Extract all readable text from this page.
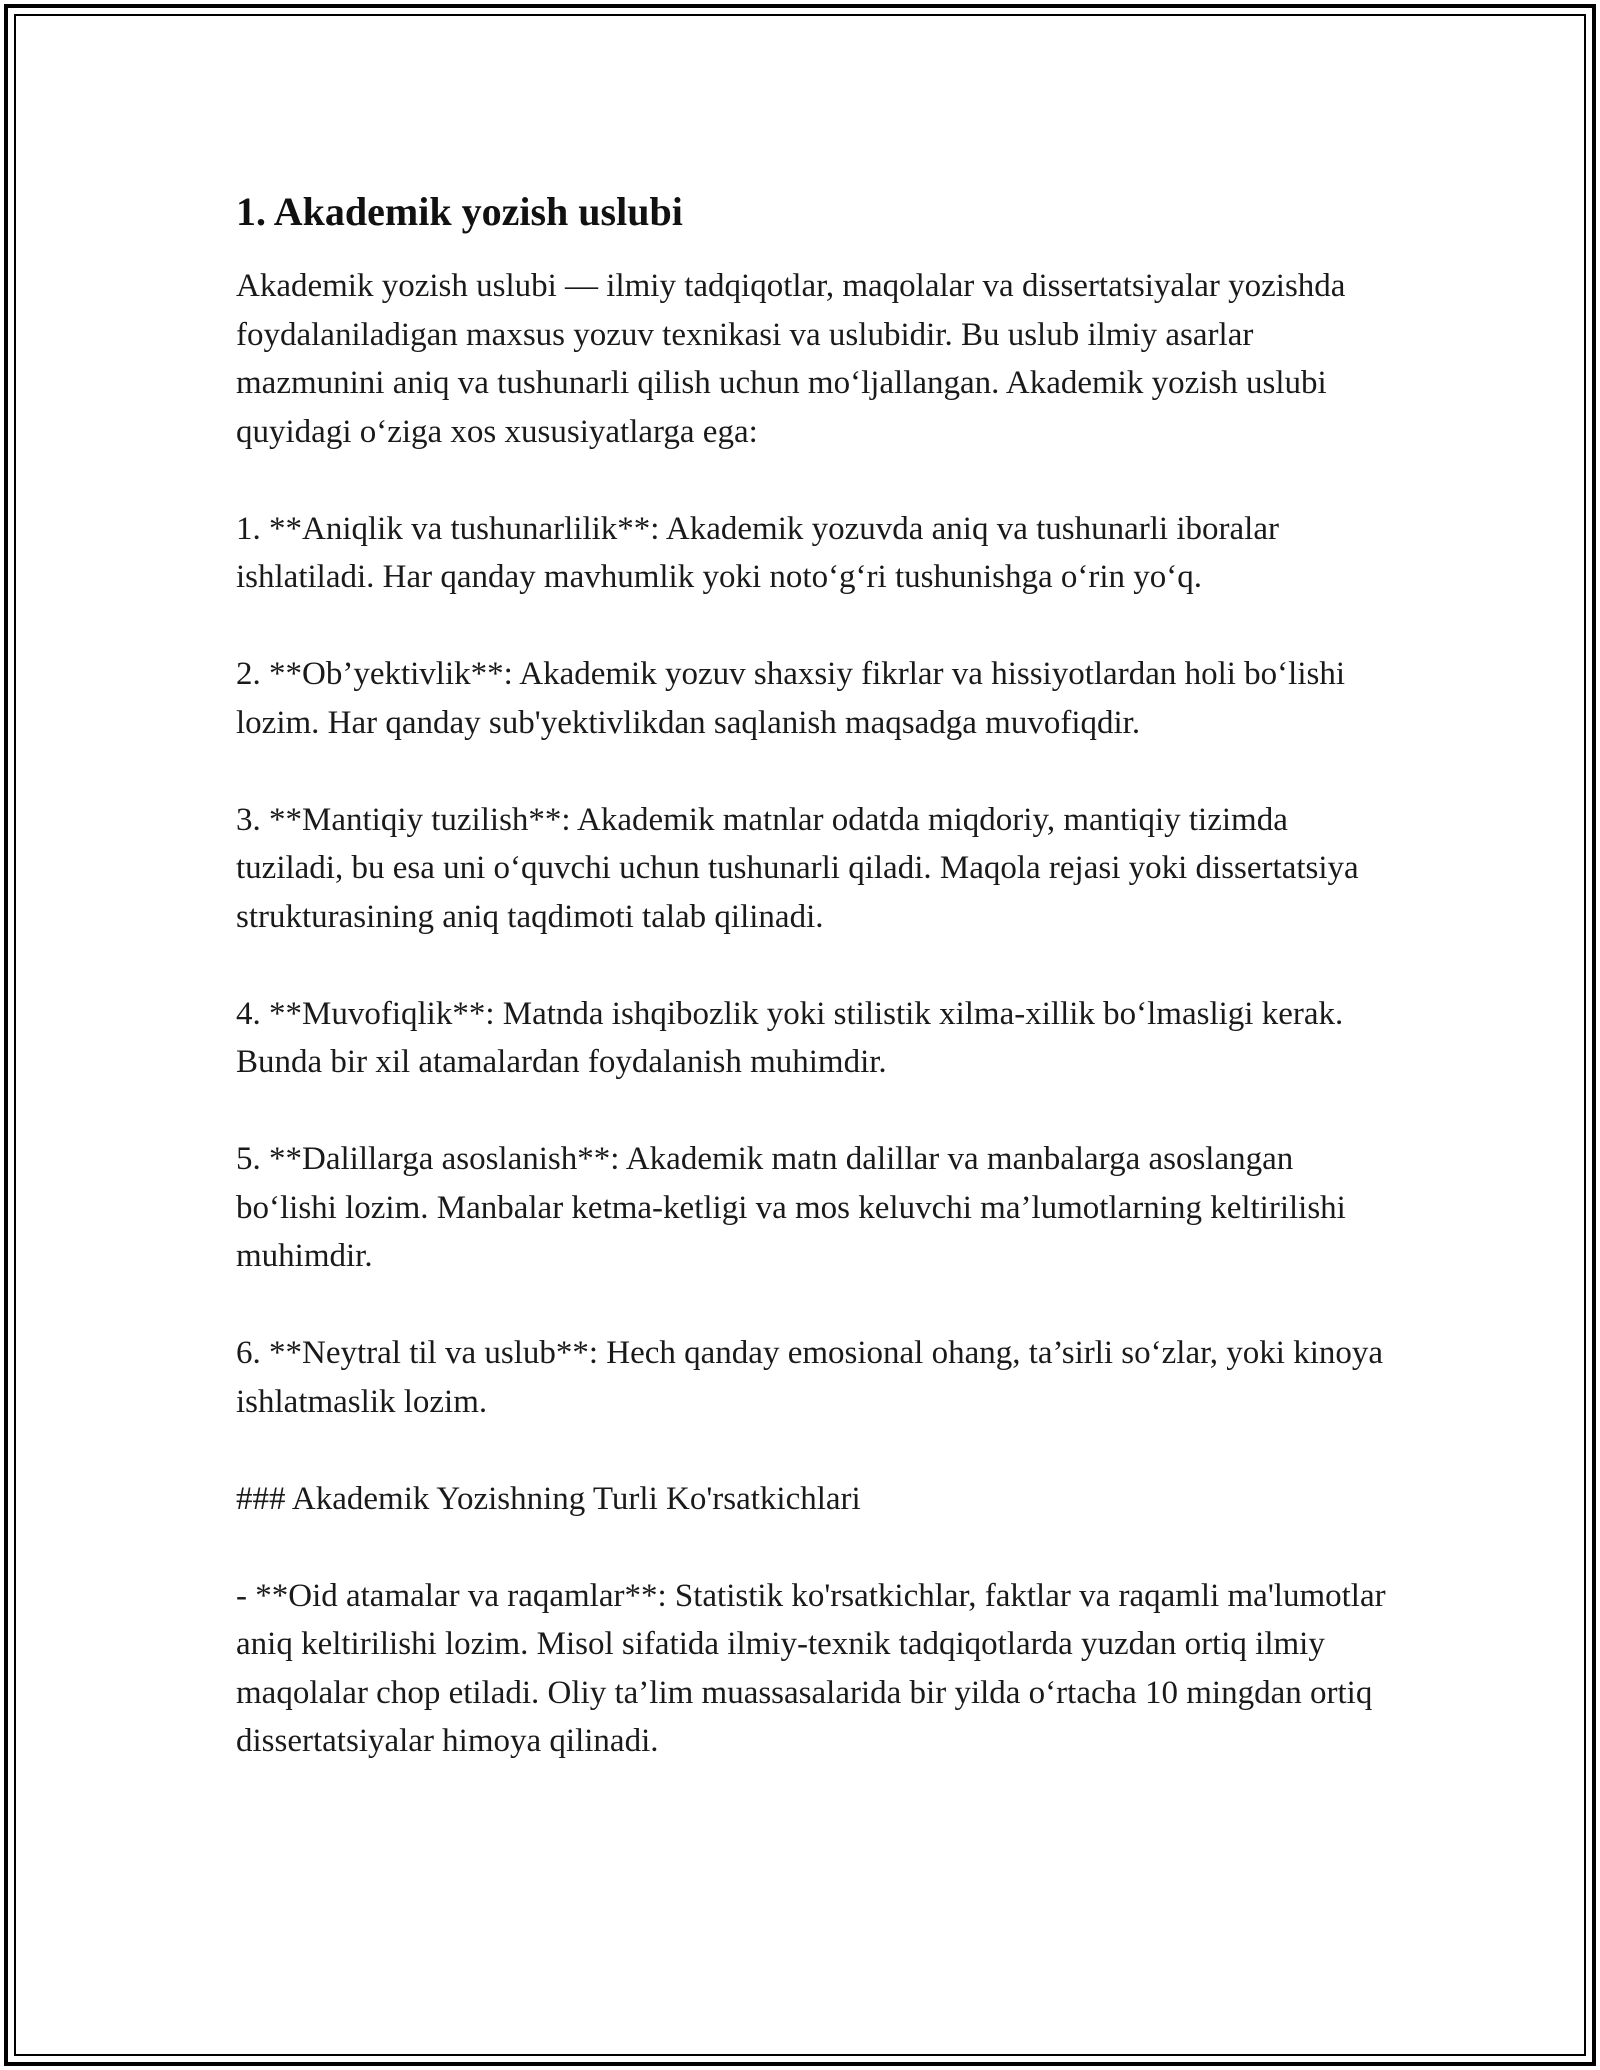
1. Akademik yozish uslubi

Akademik yozish uslubi — ilmiy tadqiqotlar, maqolalar va dissertatsiyalar yozishda foydalaniladigan maxsus yozuv texnikasi va uslubidir. Bu uslub ilmiy asarlar mazmunini aniq va tushunarli qilish uchun moʻljallangan. Akademik yozish uslubi quyidagi oʻziga xos xususiyatlarga ega:

1. **Aniqlik va tushunarlilik**: Akademik yozuvda aniq va tushunarli iboralar ishlatiladi. Har qanday mavhumlik yoki notoʻgʻri tushunishga oʻrin yoʻq.

2. **Ob’yektivlik**: Akademik yozuv shaxsiy fikrlar va hissiyotlardan holi boʻlishi lozim. Har qanday sub'yektivlikdan saqlanish maqsadga muvofiqdir.

3. **Mantiqiy tuzilish**: Akademik matnlar odatda miqdoriy, mantiqiy tizimda tuziladi, bu esa uni oʻquvchi uchun tushunarli qiladi. Maqola rejasi yoki dissertatsiya strukturasining aniq taqdimoti talab qilinadi.

4. **Muvofiqlik**: Matnda ishqibozlik yoki stilistik xilma-xillik boʻlmasligi kerak. Bunda bir xil atamalardan foydalanish muhimdir.

5. **Dalillarga asoslanish**: Akademik matn dalillar va manbalarga asoslangan boʻlishi lozim. Manbalar ketma-ketligi va mos keluvchi ma’lumotlarning keltirilishi muhimdir.

6. **Neytral til va uslub**: Hech qanday emosional ohang, ta’sirli soʻzlar, yoki kinoya ishlatmaslik lozim.

### Akademik Yozishning Turli Ko'rsatkichlari

- **Oid atamalar va raqamlar**: Statistik ko'rsatkichlar, faktlar va raqamli ma'lumotlar aniq keltirilishi lozim. Misol sifatida ilmiy-texnik tadqiqotlarda yuzdan ortiq ilmiy maqolalar chop etiladi. Oliy ta’lim muassasalarida bir yilda oʻrtacha 10 mingdan ortiq dissertatsiyalar himoya qilinadi.
